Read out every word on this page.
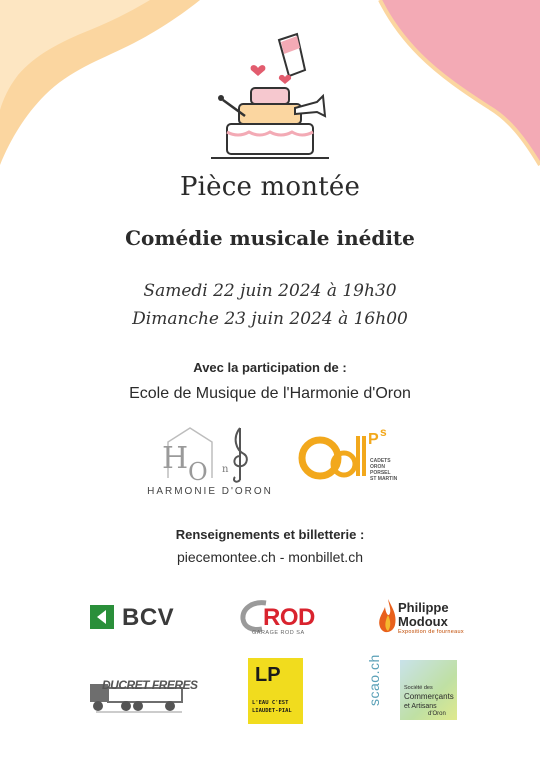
Pièce montée
Comédie musicale inédite
Samedi 22 juin 2024 à 19h30
Dimanche 23 juin 2024 à 16h00
Avec la participation de :
Ecole de Musique de l'Harmonie d'Oron
H O n
HARMONIE D'ORON
P s
CADETS
ORON
PORSEL
ST MARTIN
Renseignements et billetterie :
piecemontee.ch - monbillet.ch
BCV	ROD
GARAGE ROD SA
Philippe
Modoux
Exposition de fourneaux
DUCRET FRERES	LP
L'EAU C'EST
LIAUDET-PIAL
scao.ch	Société des
Commerçants
et Artisans
d'Oron
